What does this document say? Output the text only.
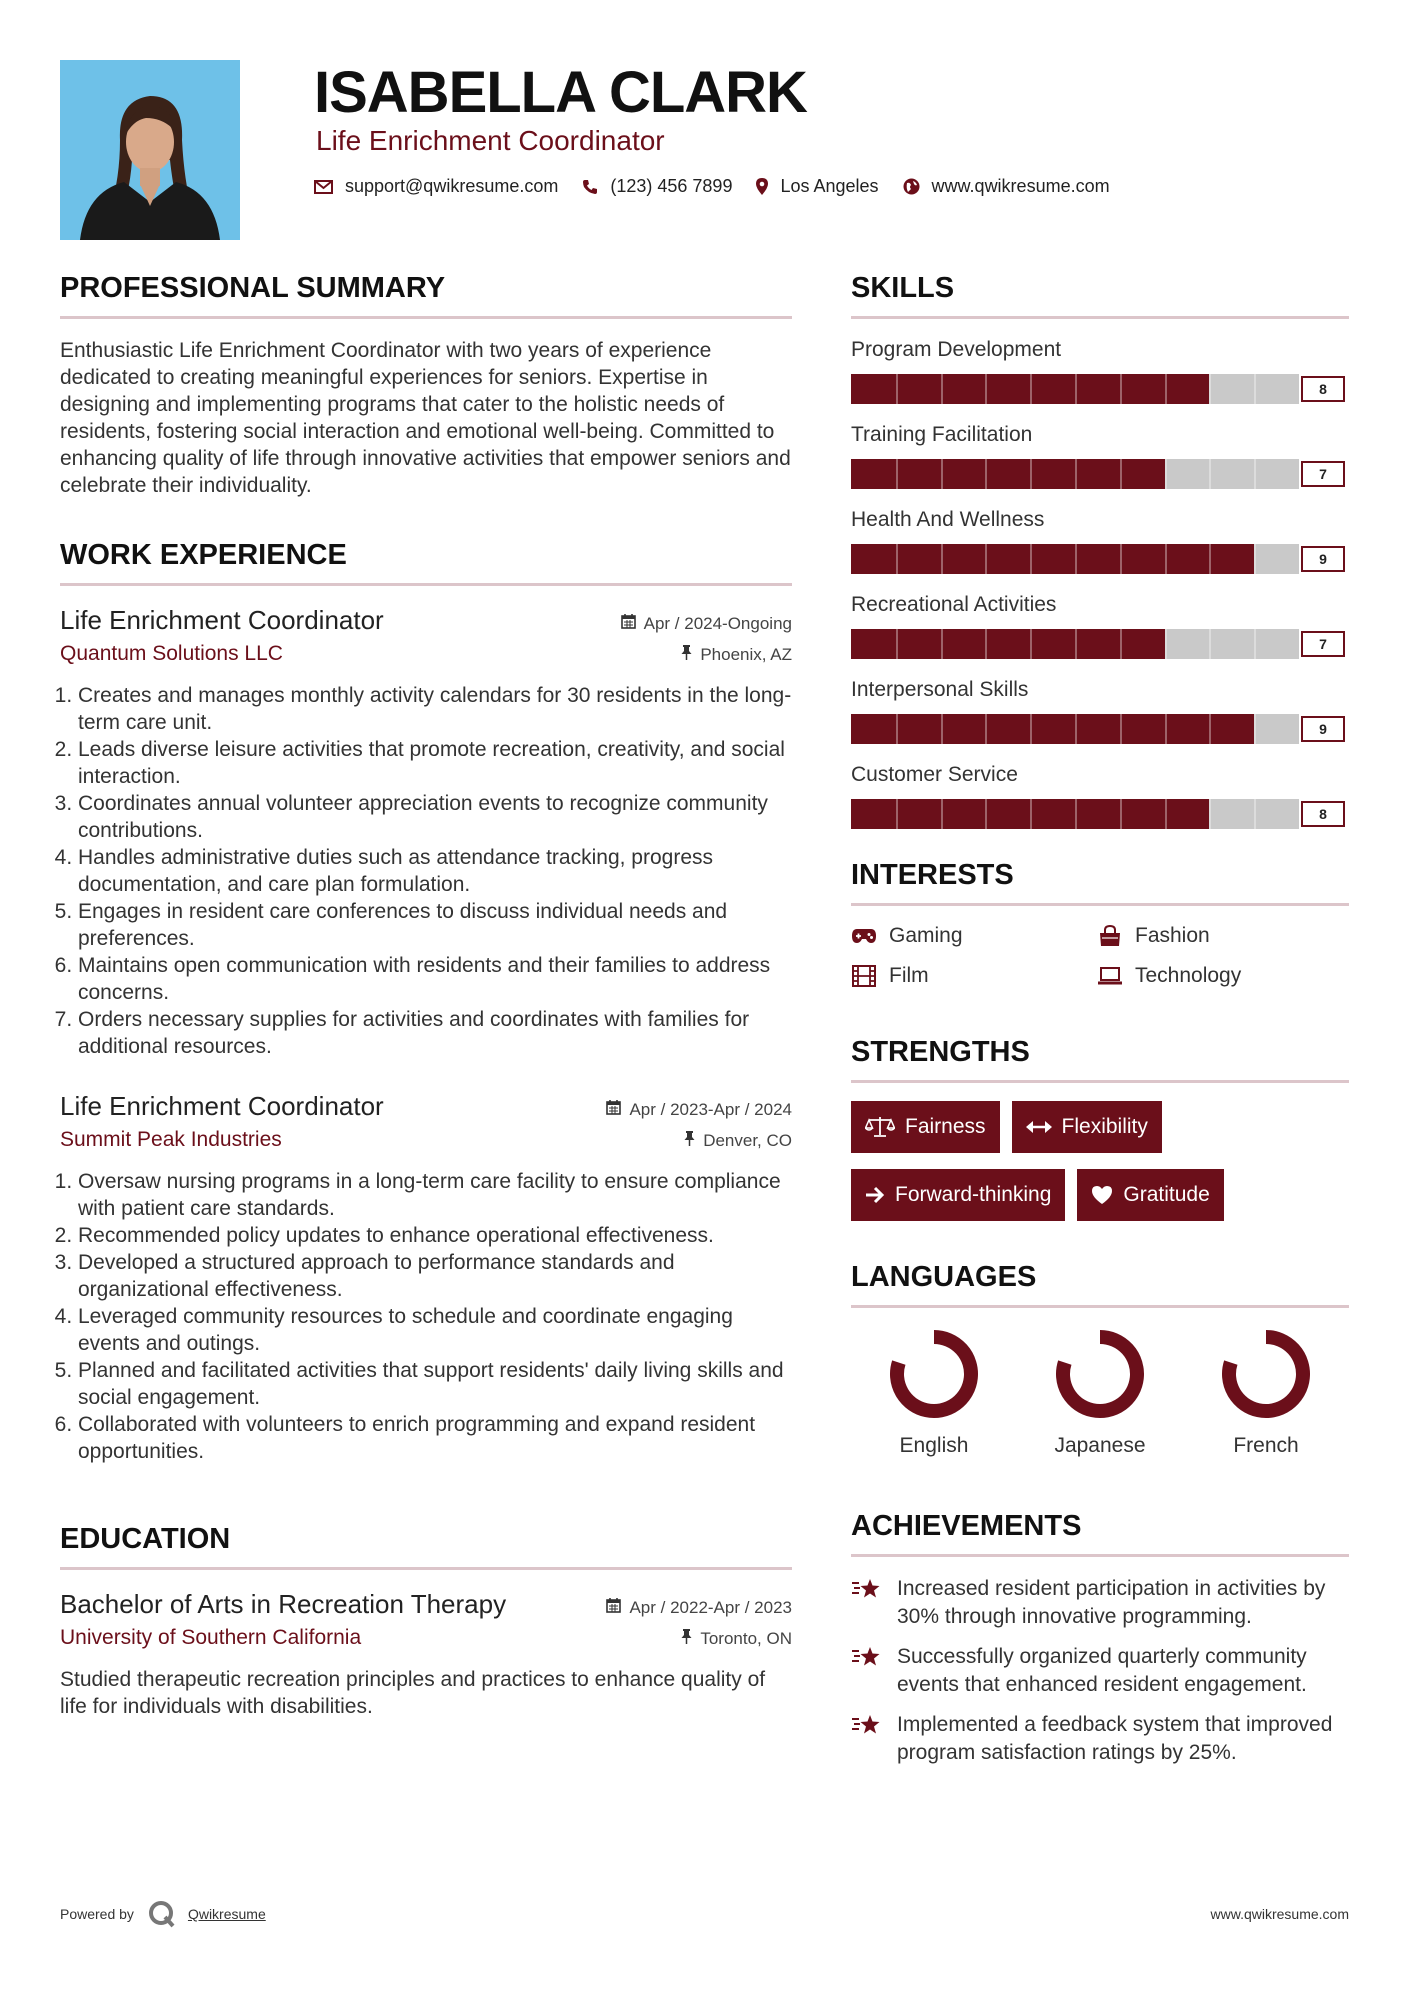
ISABELLA CLARK
Life Enrichment Coordinator
support@qwikresume.com	(123) 456 7899	Los Angeles	www.qwikresume.com
PROFESSIONAL SUMMARY

Enthusiastic Life Enrichment Coordinator with two years of experience dedicated to creating meaningful experiences for seniors. Expertise in designing and implementing programs that cater to the holistic needs of residents, fostering social interaction and emotional well-being. Committed to enhancing quality of life through innovative activities that empower seniors and celebrate their individuality.

WORK EXPERIENCE
Life Enrichment Coordinator	Apr / 2024-Ongoing
Quantum Solutions LLC	Phoenix, AZ
1. Creates and manages monthly activity calendars for 30 residents in the long-term care unit.
2. Leads diverse leisure activities that promote recreation, creativity, and social interaction.
3. Coordinates annual volunteer appreciation events to recognize community contributions.
4. Handles administrative duties such as attendance tracking, progress documentation, and care plan formulation.
5. Engages in resident care conferences to discuss individual needs and preferences.
6. Maintains open communication with residents and their families to address concerns.
7. Orders necessary supplies for activities and coordinates with families for additional resources.
Life Enrichment Coordinator	Apr / 2023-Apr / 2024
Summit Peak Industries	Denver, CO
1. Oversaw nursing programs in a long-term care facility to ensure compliance with patient care standards.
2. Recommended policy updates to enhance operational effectiveness.
3. Developed a structured approach to performance standards and organizational effectiveness.
4. Leveraged community resources to schedule and coordinate engaging events and outings.
5. Planned and facilitated activities that support residents' daily living skills and social engagement.
6. Collaborated with volunteers to enrich programming and expand resident opportunities.
EDUCATION
Bachelor of Arts in Recreation Therapy	Apr / 2022-Apr / 2023
University of Southern California	Toronto, ON

Studied therapeutic recreation principles and practices to enhance quality of life for individuals with disabilities.

SKILLS
Program Development
8
Training Facilitation
7
Health And Wellness
9
Recreational Activities
7
Interpersonal Skills
9
Customer Service
8
INTERESTS
Gaming	Fashion
Film	Technology
STRENGTHS
Fairness	Flexibility
Forward-thinking	Gratitude
LANGUAGES
English	Japanese	French
ACHIEVEMENTS
Increased resident participation in activities by 30% through innovative programming.
Successfully organized quarterly community events that enhanced resident engagement.
Implemented a feedback system that improved program satisfaction ratings by 25%.
Powered by	Qwikresume	www.qwikresume.com
